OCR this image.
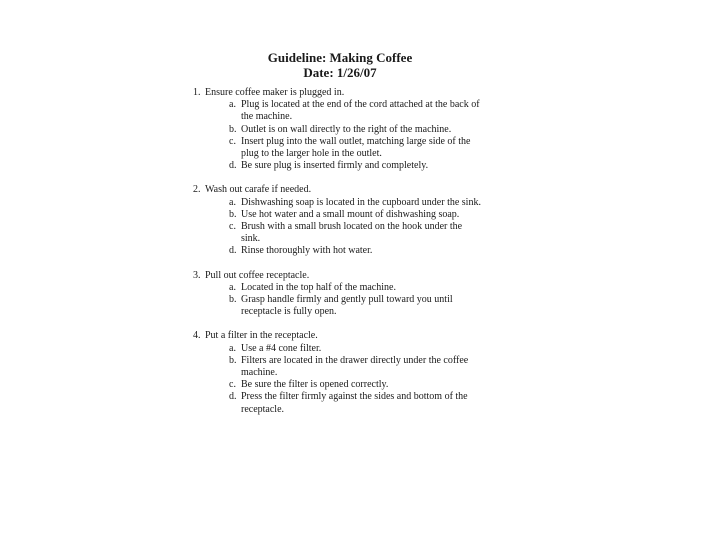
Guideline: Making Coffee
Date: 1/26/07
1. Ensure coffee maker is plugged in.
a. Plug is located at the end of the cord attached at the back of the machine.
b. Outlet is on wall directly to the right of the machine.
c. Insert plug into the wall outlet, matching large side of the plug to the larger hole in the outlet.
d. Be sure plug is inserted firmly and completely.
2. Wash out carafe if needed.
a. Dishwashing soap is located in the cupboard under the sink.
b. Use hot water and a small mount of dishwashing soap.
c. Brush with a small brush located on the hook under the sink.
d. Rinse thoroughly with hot water.
3. Pull out coffee receptacle.
a. Located in the top half of the machine.
b. Grasp handle firmly and gently pull toward you until receptacle is fully open.
4. Put a filter in the receptacle.
a. Use a #4 cone filter.
b. Filters are located in the drawer directly under the coffee machine.
c. Be sure the filter is opened correctly.
d. Press the filter firmly against the sides and bottom of the receptacle.
